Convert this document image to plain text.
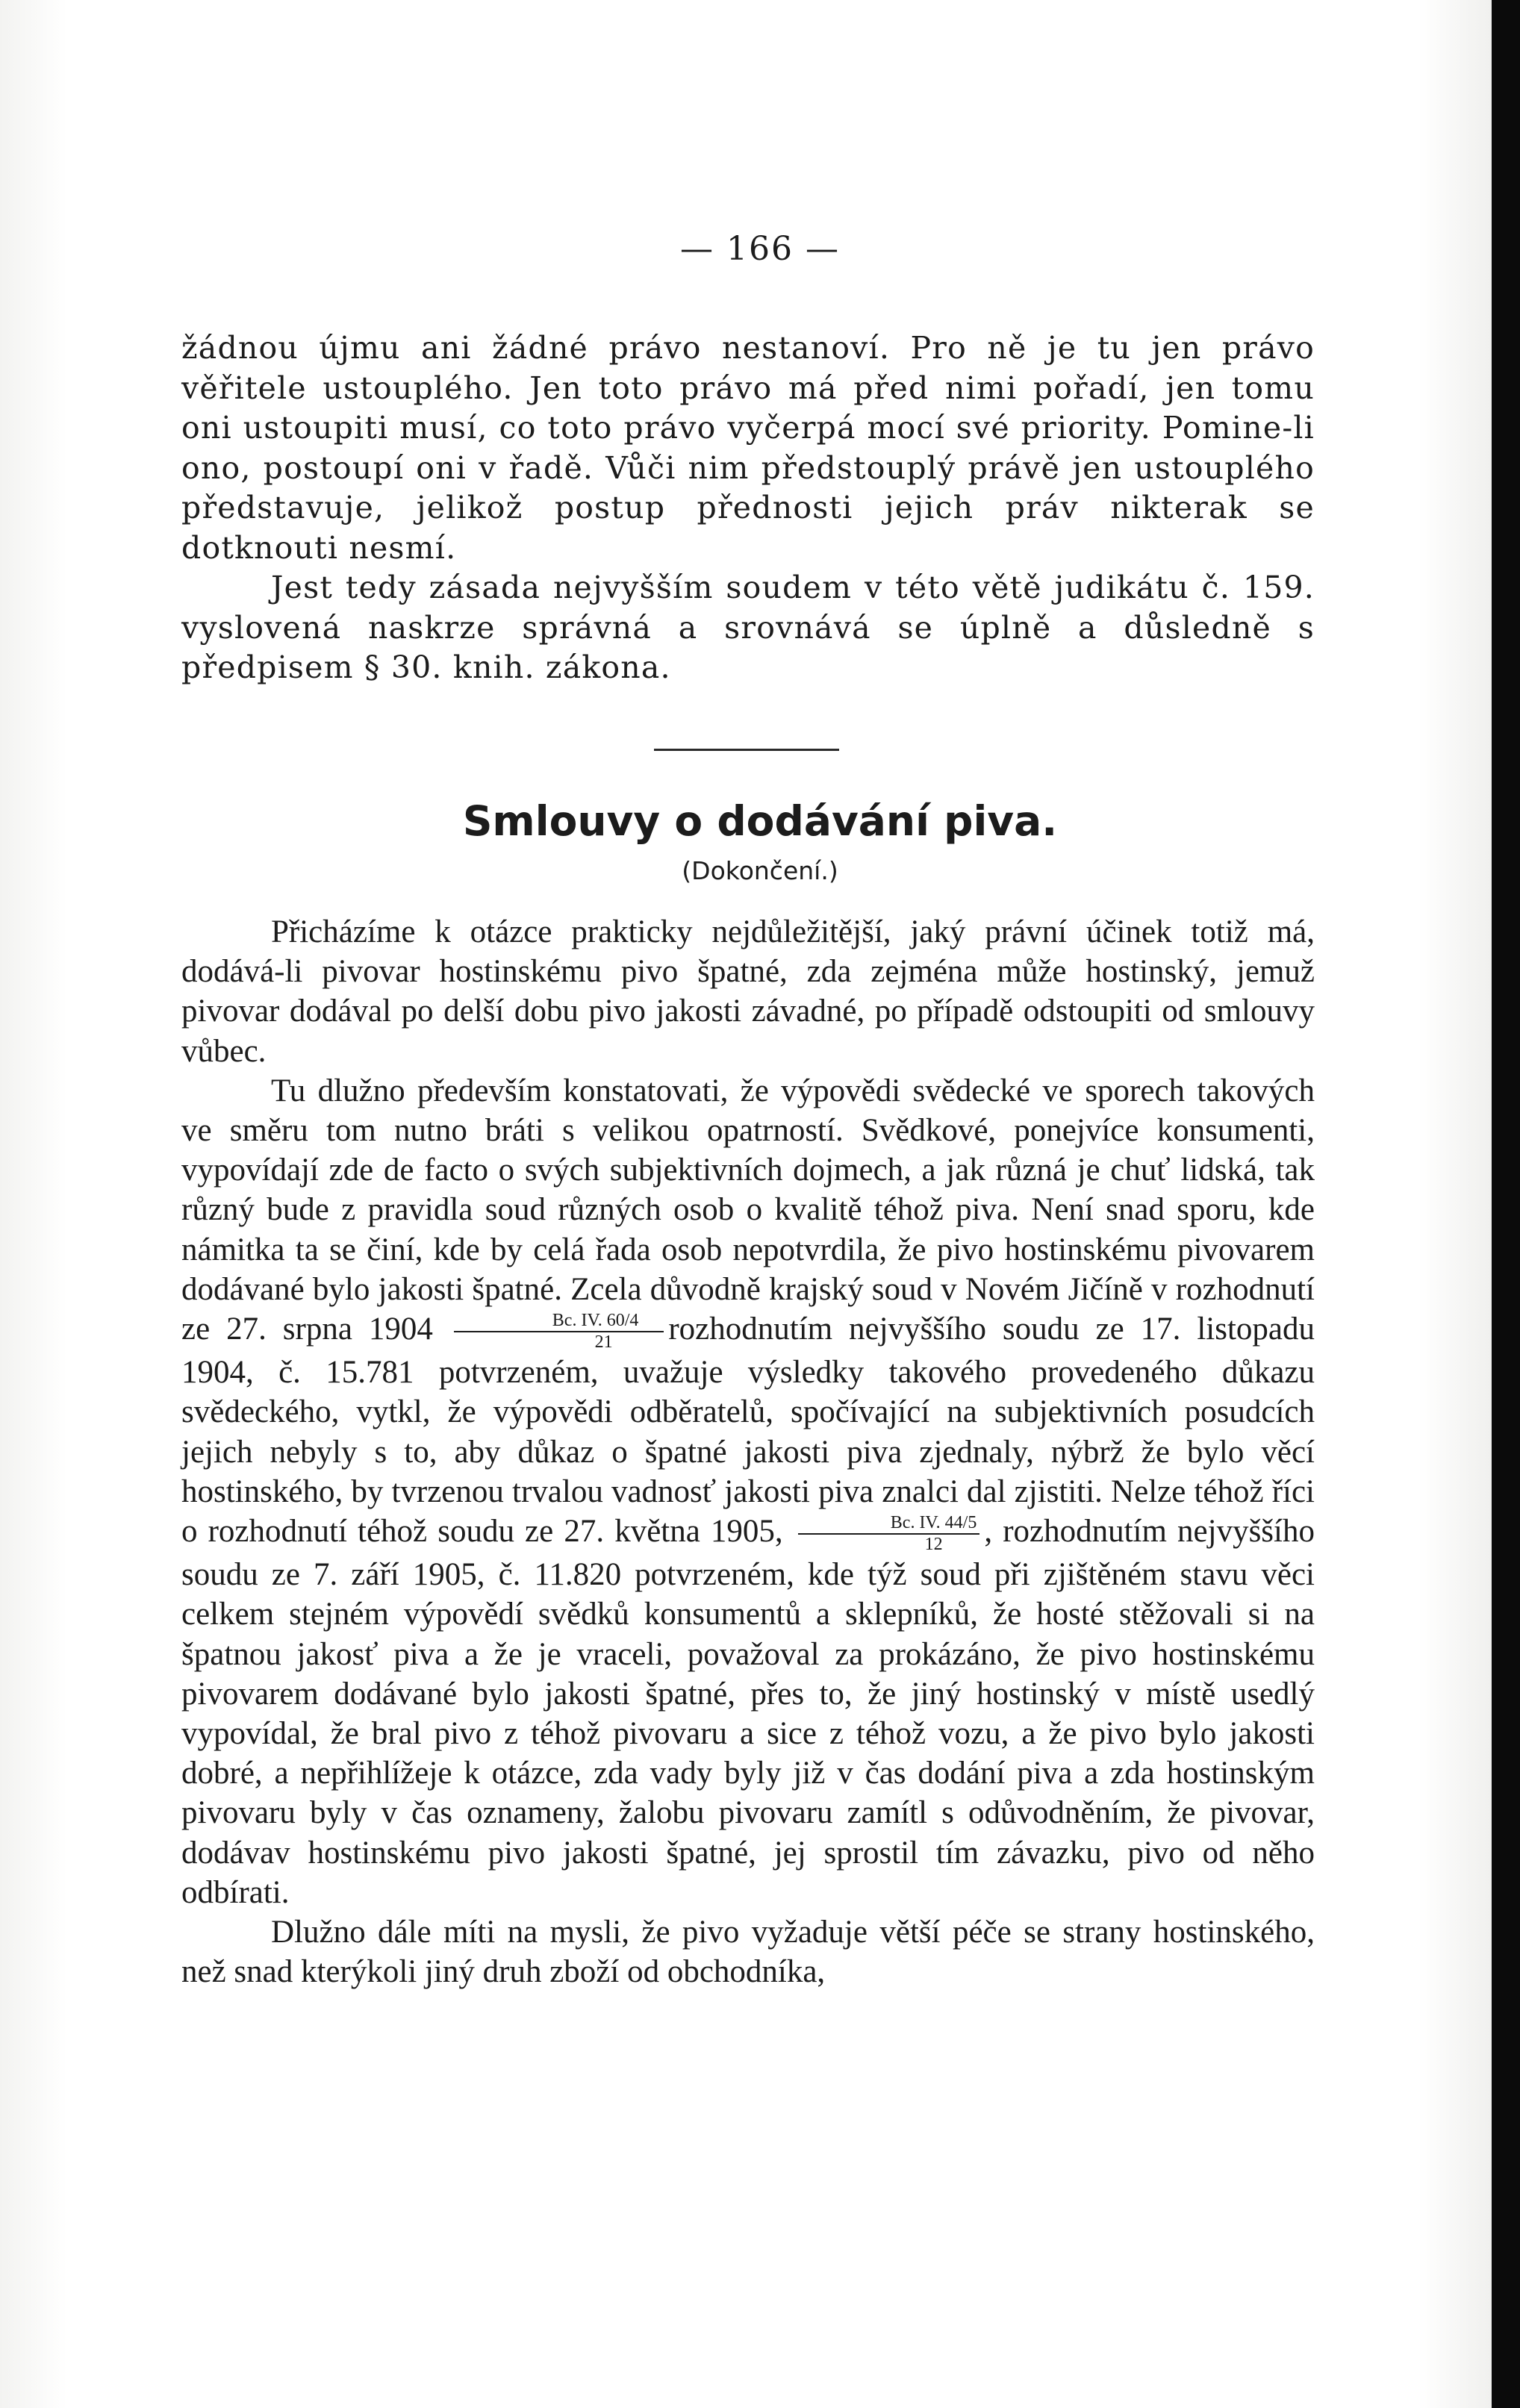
— 166 —

žádnou újmu ani žádné právo nestanoví. Pro ně je tu jen právo věřitele ustouplého. Jen toto právo má před nimi pořadí, jen tomu oni ustoupiti musí, co toto právo vyčerpá mocí své priority. Pomine-li ono, postoupí oni v řadě. Vůči nim předstouplý právě jen ustouplého představuje, jelikož postup přednosti jejich práv nikterak se dotknouti nesmí.

Jest tedy zásada nejvyšším soudem v této větě judikátu č. 159. vyslovená naskrze správná a srovnává se úplně a důsledně s předpisem § 30. knih. zákona.

Smlouvy o dodávání piva.
(Dokončení.)

Přicházíme k otázce prakticky nejdůležitější, jaký právní účinek totiž má, dodává-li pivovar hostinskému pivo špatné, zda zejména může hostinský, jemuž pivovar dodával po delší dobu pivo jakosti závadné, po případě odstoupiti od smlouvy vůbec.

Tu dlužno především konstatovati, že výpovědi svědecké ve sporech takových ve směru tom nutno bráti s velikou opatrností. Svědkové, ponejvíce konsumenti, vypovídají zde de facto o svých subjektivních dojmech, a jak různá je chuť lidská, tak různý bude z pravidla soud různých osob o kvalitě téhož piva. Není snad sporu, kde námitka ta se činí, kde by celá řada osob nepotvrdila, že pivo hostinskému pivovarem dodávané bylo jakosti špatné. Zcela důvodně krajský soud v Novém Jičíně v rozhodnutí ze 27. srpna $1904 \frac{Bc. IV. 60/4}{21}$ rozhodnutím nejvyššího soudu ze 17. listopadu 1904, č. 15.781 potvrzeném, uvažuje výsledky takového provedeného důkazu svědeckého, vytkl, že výpovědi odběratelů, spočívající na subjektivních posudcích jejich nebyly s to, aby důkaz o špatné jakosti piva zjednaly, nýbrž že bylo věcí hostinského, by tvrzenou trvalou vadnosť jakosti piva znalci dal zjistiti. Nelze téhož říci o rozhodnutí téhož soudu ze 27. května 1905, $\frac{Bc. IV. 44/5}{12}$ , rozhodnutím nejvyššího soudu ze 7. září 1905, č. 11.820 potvrzeném, kde týž soud při zjištěném stavu věci celkem stejném výpovědí svědků konsumentů a sklepníků, že hosté stěžovali si na špatnou jakosť piva a že je vraceli, považoval za prokázáno, že pivo hostinskému pivovarem dodávané bylo jakosti špatné, přes to, že jiný hostinský v místě usedlý vypovídal, že bral pivo z téhož pivovaru a sice z téhož vozu, a že pivo bylo jakosti dobré, a nepřihlížeje k otázce, zda vady byly již v čas dodání piva a zda hostinským pivovaru byly v čas oznameny, žalobu pivovaru zamítl s odůvodněním, že pivovar, dodávav hostinskému pivo jakosti špatné, jej sprostil tím závazku, pivo od něho odbírati.

Dlužno dále míti na mysli, že pivo vyžaduje větší péče se strany hostinského, než snad kterýkoli jiný druh zboží od obchodníka,
